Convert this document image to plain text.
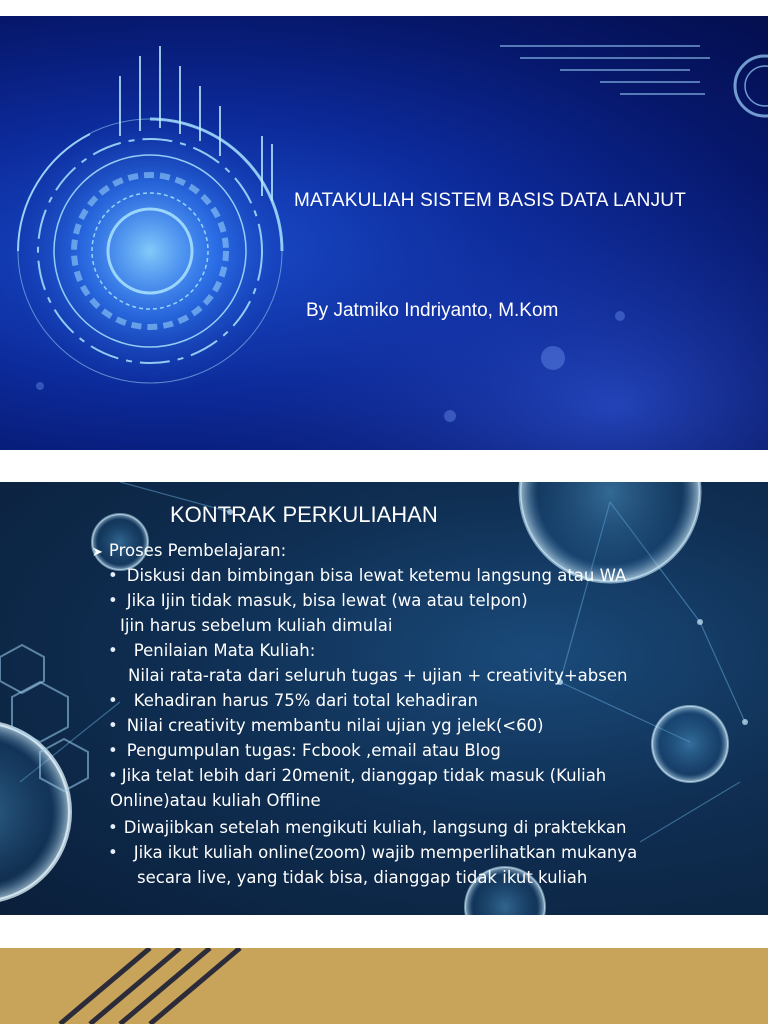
MATAKULIAH SISTEM BASIS DATA LANJUT
By Jatmiko Indriyanto, M.Kom
KONTRAK PERKULIAHAN
➤ Proses Pembelajaran:
• Diskusi dan bimbingan bisa lewat ketemu langsung atau WA
• Jika Ijin tidak masuk, bisa lewat (wa atau telpon)
Ijin harus sebelum kuliah dimulai
• Penilaian Mata Kuliah:
Nilai rata-rata dari seluruh tugas + ujian + creativity+absen
• Kehadiran harus 75% dari total kehadiran
• Nilai creativity membantu nilai ujian yg jelek(<60)
• Pengumpulan tugas: Fcbook ,email atau Blog
• Jika telat lebih dari 20menit, dianggap tidak masuk (Kuliah
Online)atau kuliah Offline
• Diwajibkan setelah mengikuti kuliah, langsung di praktekkan
• Jika ikut kuliah online(zoom) wajib memperlihatkan mukanya
secara live, yang tidak bisa, dianggap tidak ikut kuliah
